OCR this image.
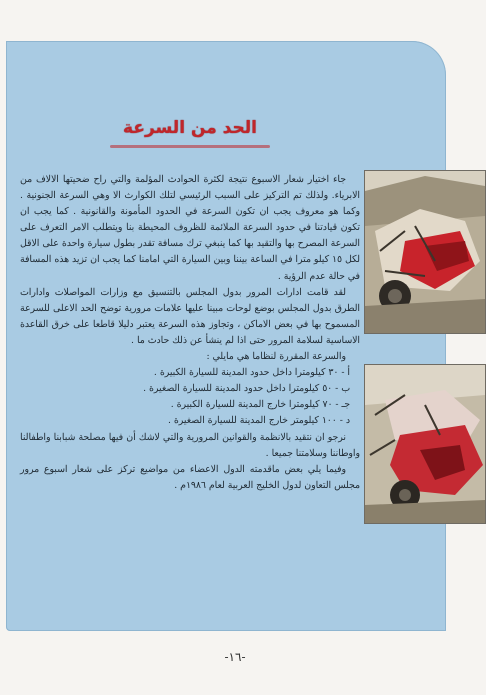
الحد من السرعة

جاء اختيار شعار الاسبوع نتيجة لكثرة الحوادث المؤلمة والتي راح ضحيتها الالاف من الابرياء. ولذلك تم التركيز على السبب الرئيسي لتلك الكوارث الا وهي السرعة الجنونية . وكما هو معروف يجب ان تكون السرعة في الحدود المأمونة والقانونية . كما يجب ان تكون قيادتنا في حدود السرعة الملائمة للظروف المحيطة بنا ويتطلب الامر التعرف على السرعة المصرح بها والتقيد بها كما ينبغي ترك مسافة تقدر بطول سيارة واحدة على الاقل لكل ١٥ كيلو مترا في الساعة بيننا وبين السيارة التي امامنا كما يجب ان تزيد هذه المسافة في حالة عدم الرؤية .

لقد قامت ادارات المرور بدول المجلس بالتنسيق مع وزارات المواصلات وادارات الطرق بدول المجلس بوضع لوحات مبينا عليها علامات مرورية توضح الحد الاعلى للسرعة المسموح بها في بعض الاماكن ، وتجاوز هذه السرعة يعتبر دليلا قاطعا على خرق القاعدة الاساسية لسلامة المرور حتى اذا لم ينشأ عن ذلك حادث ما .

والسرعة المقررة لنظاما هي مايلي :

أ - ٣٠ كيلومترا داخل حدود المدينة للسيارة الكبيرة .
ب - ٥٠ كيلومترا داخل حدود المدينة للسيارة الصغيرة .
جـ - ٧٠ كيلومترا خارج المدينة للسيارة الكبيرة .
د - ١٠٠ كيلومتر خارج المدينة للسيارة الصغيرة .

نرجو ان نتقيد بالانظمة والقوانين المرورية والتي لاشك أن فيها مصلحة شبابنا واطفالنا واوطاننا وسلامتنا جميعا .

وفيما يلي بعض ماقدمته الدول الاعضاء من مواضيع تركز على شعار اسبوع مرور مجلس التعاون لدول الخليج العربية لعام ١٩٨٦م .

-١٦-
